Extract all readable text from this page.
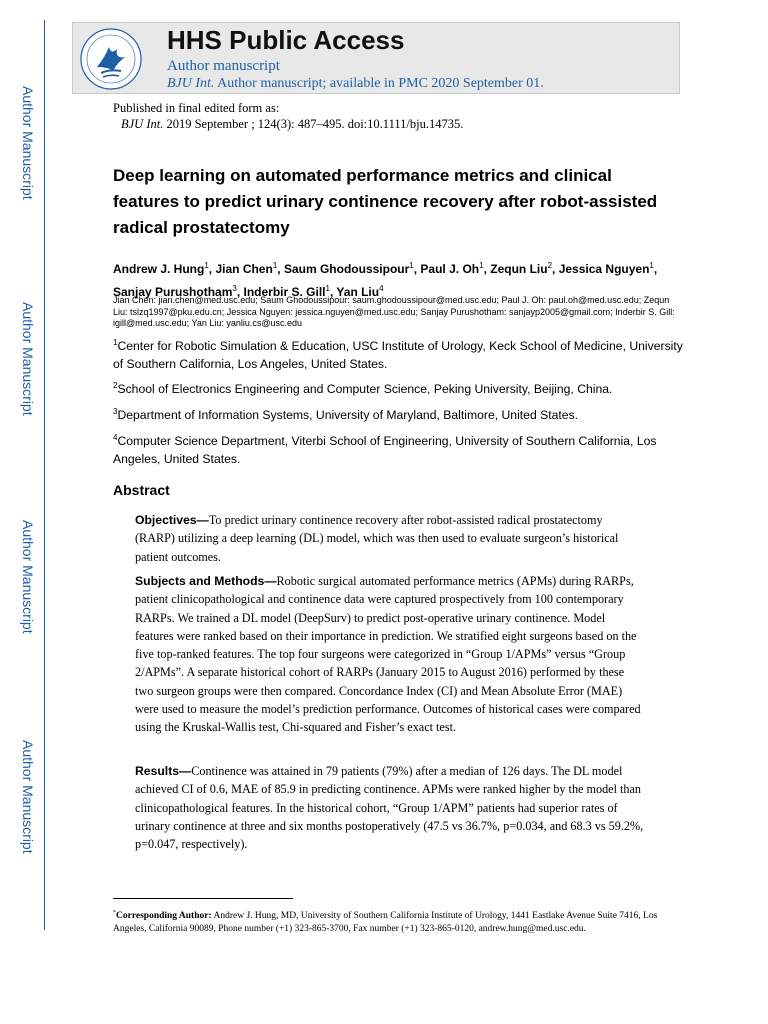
Author Manuscript
Author Manuscript
Author Manuscript
Author Manuscript
HHS Public Access
Author manuscript
BJU Int. Author manuscript; available in PMC 2020 September 01.
Published in final edited form as:
BJU Int. 2019 September ; 124(3): 487–495. doi:10.1111/bju.14735.
Deep learning on automated performance metrics and clinical features to predict urinary continence recovery after robot-assisted radical prostatectomy
Andrew J. Hung$^1$, Jian Chen$^1$, Saum Ghodoussipour$^1$, Paul J. Oh$^1$, Zequn Liu$^2$, Jessica Nguyen$^1$, Sanjay Purushotham$^3$, Inderbir S. Gill$^1$, Yan Liu$^4$
Jian Chen: jian.chen@med.usc.edu; Saum Ghodoussipour: saum.ghodoussipour@med.usc.edu; Paul J. Oh: paul.oh@med.usc.edu; Zequn Liu: tslzq1997@pku.edu.cn; Jessica Nguyen: jessica.nguyen@med.usc.edu; Sanjay Purushotham: sanjayp2005@gmail.com; Inderbir S. Gill: igill@med.usc.edu; Yan Liu: yanliu.cs@usc.edu
$^1$Center for Robotic Simulation & Education, USC Institute of Urology, Keck School of Medicine, University of Southern California, Los Angeles, United States.
$^2$School of Electronics Engineering and Computer Science, Peking University, Beijing, China.
$^3$Department of Information Systems, University of Maryland, Baltimore, United States.
$^4$Computer Science Department, Viterbi School of Engineering, University of Southern California, Los Angeles, United States.
Abstract
Objectives—To predict urinary continence recovery after robot-assisted radical prostatectomy (RARP) utilizing a deep learning (DL) model, which was then used to evaluate surgeon’s historical patient outcomes.
Subjects and Methods—Robotic surgical automated performance metrics (APMs) during RARPs, patient clinicopathological and continence data were captured prospectively from 100 contemporary RARPs. We trained a DL model (DeepSurv) to predict post-operative urinary continence. Model features were ranked based on their importance in prediction. We stratified eight surgeons based on the five top-ranked features. The top four surgeons were categorized in “Group 1/APMs” versus “Group 2/APMs”. A separate historical cohort of RARPs (January 2015 to August 2016) performed by these two surgeon groups were then compared. Concordance Index (CI) and Mean Absolute Error (MAE) were used to measure the model’s prediction performance. Outcomes of historical cases were compared using the Kruskal-Wallis test, Chi-squared and Fisher’s exact test.
Results—Continence was attained in 79 patients (79%) after a median of 126 days. The DL model achieved CI of 0.6, MAE of 85.9 in predicting continence. APMs were ranked higher by the model than clinicopathological features. In the historical cohort, “Group 1/APM” patients had superior rates of urinary continence at three and six months postoperatively (47.5 vs 36.7%, p=0.034, and 68.3 vs 59.2%, p=0.047, respectively).
*Corresponding Author: Andrew J. Hung, MD, University of Southern California Institute of Urology, 1441 Eastlake Avenue Suite 7416, Los Angeles, California 90089, Phone number (+1) 323-865-3700, Fax number (+1) 323-865-0120, andrew.hung@med.usc.edu.
